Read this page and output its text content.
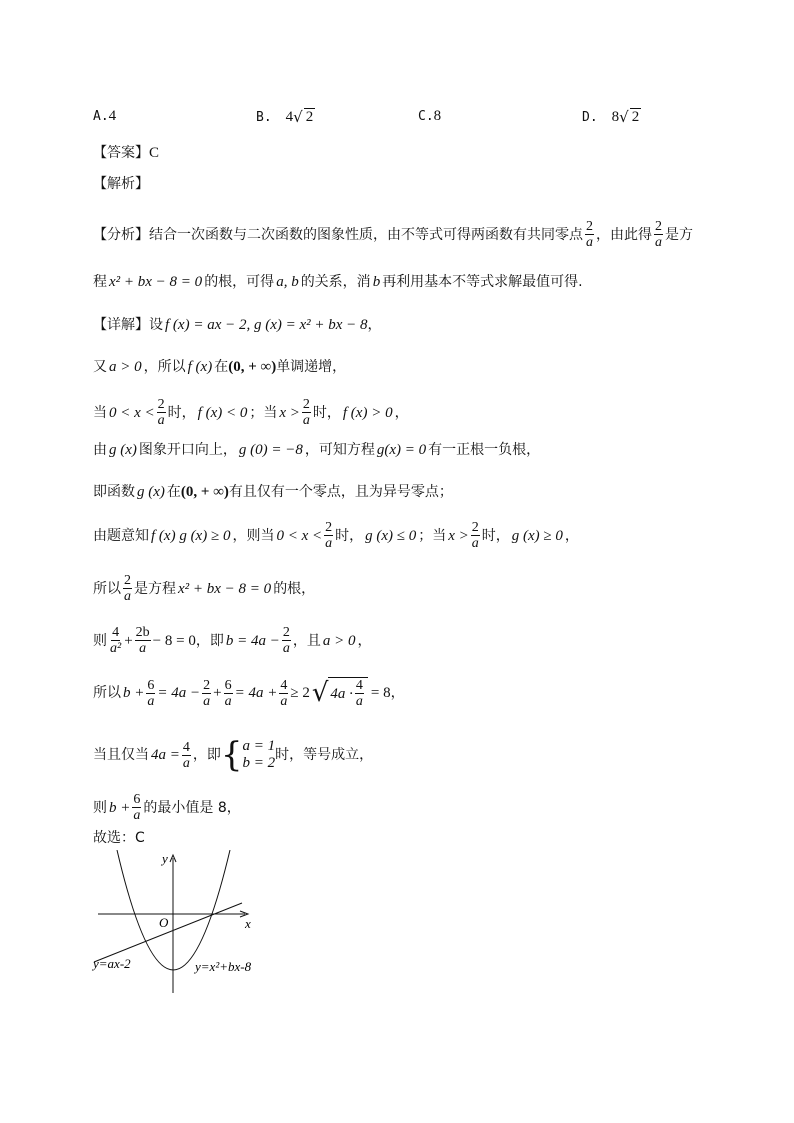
A. 4	B. 4 √ 2	C. 8	D. 8 √ 2
【答案】 C
【解析】
【分析】 结合一次函数与二次函数的图象性质，由不等式可得两函数有共同零点 $\frac{2}{a}$ ，由此得 $\frac{2}{a}$ 是方
程 x² + bx − 8 = 0 的根，可得 a, b 的关系，消 b 再利用基本不等式求解最值可得.
【详解】 设 f (x) = ax − 2, g (x) = x² + bx − 8 ，
又 a > 0 ，所以 f (x) 在 (0, + ∞) 单调递增，
当 $0 < x < \frac{2}{a}$ 时， f (x) < 0 ；当 $x > \frac{2}{a}$ 时， f (x) > 0 ，
由 g (x) 图象开口向上， g (0) = −8 ，可知方程 g(x) = 0 有一正根一负根，
即函数 g (x) 在 (0, + ∞) 有且仅有一个零点，且为异号零点；
由题意知 f (x) g (x) ≥ 0 ，则当 $0 < x < \frac{2}{a}$ 时， g (x) ≤ 0 ；当 $x > \frac{2}{a}$ 时， g (x) ≥ 0 ，
所以 $\frac{2}{a}$ 是方程 x² + bx − 8 = 0 的根，
则 $\frac{4}{\text{a²}} + \frac{2b}{a} - 8 = 0$ ，即 $b = 4a - \frac{2}{a}$ ，且 a > 0 ，
所以 $b + \frac{6}{a} = 4a - \frac{2}{a} + \frac{6}{a} = 4a + \frac{4}{a} \ge 2$ √ $4a \cdot \frac{4}{a} = 8$ ，
当且仅当 $4a = \frac{4}{a}$ ，即 { a = 1
b = 2 时，等号成立，
则 $b + \frac{6}{a}$ 的最小值是 8，
故选：C
y
x
O
y=ax-2	y=x²+bx-8
